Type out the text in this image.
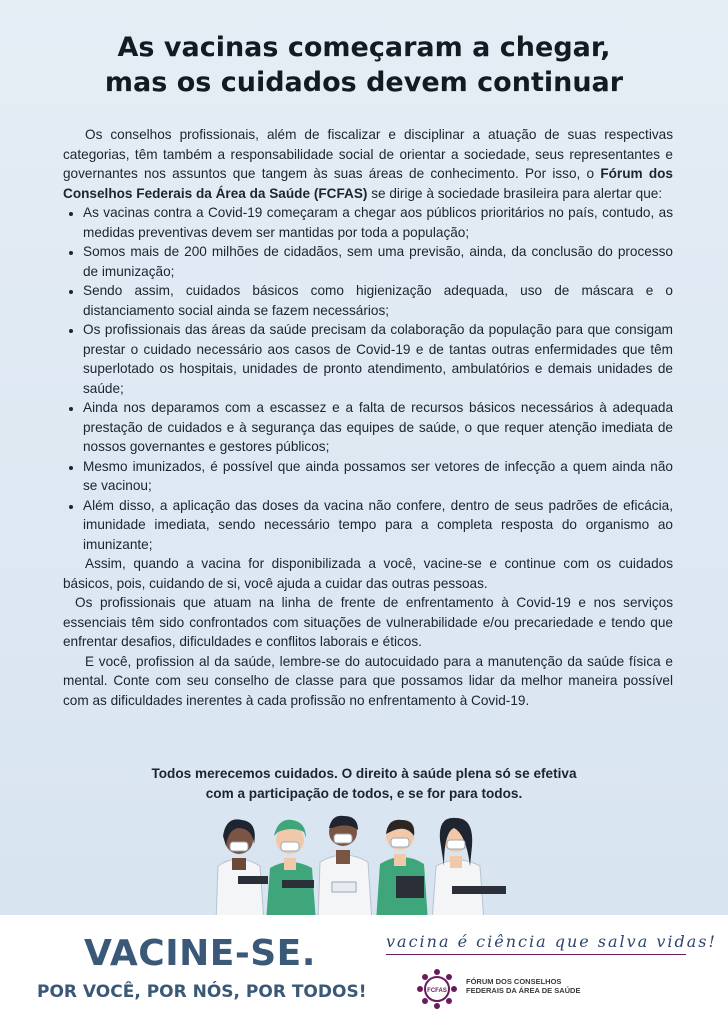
As vacinas começaram a chegar,
mas os cuidados devem continuar

Os conselhos profissionais, além de fiscalizar e disciplinar a atuação de suas respectivas categorias, têm também a responsabilidade social de orientar a sociedade, seus representantes e governantes nos assuntos que tangem às suas áreas de conhecimento. Por isso, o Fórum dos Conselhos Federais da Área da Saúde (FCFAS) se dirige à sociedade brasileira para alertar que:

• As vacinas contra a Covid-19 começaram a chegar aos públicos prioritários no país, contudo, as medidas preventivas devem ser mantidas por toda a população;
• Somos mais de 200 milhões de cidadãos, sem uma previsão, ainda, da conclusão do processo de imunização;
• Sendo assim, cuidados básicos como higienização adequada, uso de máscara e o distanciamento social ainda se fazem necessários;
• Os profissionais das áreas da saúde precisam da colaboração da população para que consigam prestar o cuidado necessário aos casos de Covid-19 e de tantas outras enfermidades que têm superlotado os hospitais, unidades de pronto atendimento, ambulatórios e demais unidades de saúde;
• Ainda nos deparamos com a escassez e a falta de recursos básicos necessários à adequada prestação de cuidados e à segurança das equipes de saúde, o que requer atenção imediata de nossos governantes e gestores públicos;
• Mesmo imunizados, é possível que ainda possamos ser vetores de infecção a quem ainda não se vacinou;
• Além disso, a aplicação das doses da vacina não confere, dentro de seus padrões de eficácia, imunidade imediata, sendo necessário tempo para a completa resposta do organismo ao imunizante;

Assim, quando a vacina for disponibilizada a você, vacine-se e continue com os cuidados básicos, pois, cuidando de si, você ajuda a cuidar das outras pessoas.

Os profissionais que atuam na linha de frente de enfrentamento à Covid-19 e nos serviços essenciais têm sido confrontados com situações de vulnerabilidade e/ou precariedade e tendo que enfrentar desafios, dificuldades e conflitos laborais e éticos.

E você, profission al da saúde, lembre-se do autocuidado para a manutenção da saúde física e mental. Conte com seu conselho de classe para que possamos lidar da melhor maneira possível com as dificuldades inerentes à cada profissão no enfrentamento à Covid-19.

Todos merecemos cuidados. O direito à saúde plena só se efetiva
com a participação de todos, e se for para todos.
VACINE-SE.
POR VOCÊ, POR NÓS, POR TODOS!
vacina é ciência que salva vidas!
FCFAS
FÓRUM DOS CONSELHOS
FEDERAIS DA ÁREA DE SAÚDE
